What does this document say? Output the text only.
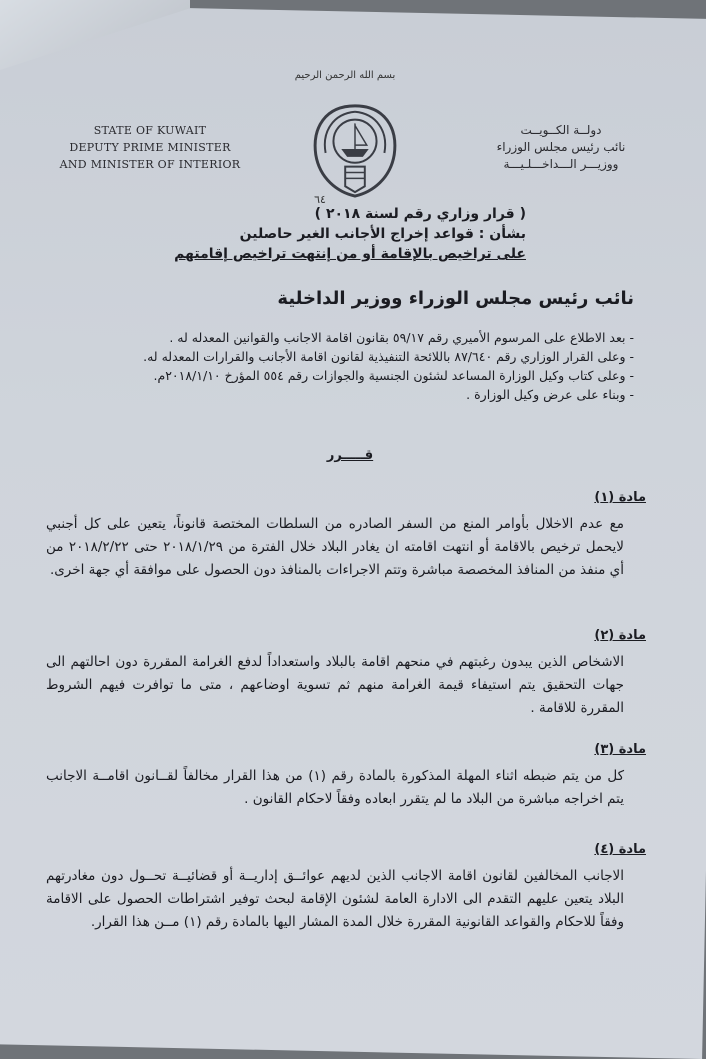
بسم الله الرحمن الرحيم
STATE OF KUWAIT
DEPUTY PRIME MINISTER
AND MINISTER OF INTERIOR
دولــة الكــويــت
نائب رئيس مجلس الوزراء
ووزيـــر الـــداخـــلـيـــة
٦٤
( قرار وزاري رقم لسنة ٢٠١٨ )
بشأن : قواعد إخراج الأجانب الغير حاصلين
على تراخيص بالإقامة أو من إنتهت تراخيص إقامتهم
نائب رئيس مجلس الوزراء ووزير الداخلية
- بعد الاطلاع على المرسوم الأميري رقم ٥٩/١٧ بقانون اقامة الاجانب والقوانين المعدله له .
- وعلى القرار الوزاري رقم ٨٧/٦٤٠ باللائحة التنفيذية لقانون اقامة الأجانب والقرارات المعدله له.
- وعلى كتاب وكيل الوزارة المساعد لشئون الجنسية والجوازات رقم ٥٥٤ المؤرخ ٢٠١٨/١/١٠م.
- وبناء على عرض وكيل الوزارة .
قـــــرر
مادة (١)

مع عدم الاخلال بأوامر المنع من السفر الصادره من السلطات المختصة قانوناً، يتعين على كل أجنبي لايحمل ترخيص بالاقامة أو انتهت اقامته ان يغادر البلاد خلال الفترة من ٢٠١٨/١/٢٩ حتى ٢٠١٨/٢/٢٢ من أي منفذ من المنافذ المخصصة مباشرة وتتم الاجراءات بالمنافذ دون الحصول على موافقة أي جهة اخرى.

مادة (٢)

الاشخاص الذين يبدون رغبتهم في منحهم اقامة بالبلاد واستعداداً لدفع الغرامة المقررة دون احالتهم الى جهات التحقيق يتم استيفاء قيمة الغرامة منهم ثم تسوية اوضاعهم ، متى ما توافرت فيهم الشروط المقررة للاقامة .

مادة (٣)

كل من يتم ضبطه اثناء المهلة المذكورة بالمادة رقم (١) من هذا القرار مخالفاً لقــانون اقامــة الاجانب يتم اخراجه مباشرة من البلاد ما لم يتقرر ابعاده وفقاً لاحكام القانون .

مادة (٤)

الاجانب المخالفين لقانون اقامة الاجانب الذين لديهم عوائــق إداريــة أو قضائيــة تحــول دون مغادرتهم البلاد يتعين عليهم التقدم الى الادارة العامة لشئون الإقامة لبحث توفير اشتراطات الحصول على الاقامة وفقاً للاحكام والقواعد القانونية المقررة خلال المدة المشار اليها بالمادة رقم (١) مــن هذا القرار.
